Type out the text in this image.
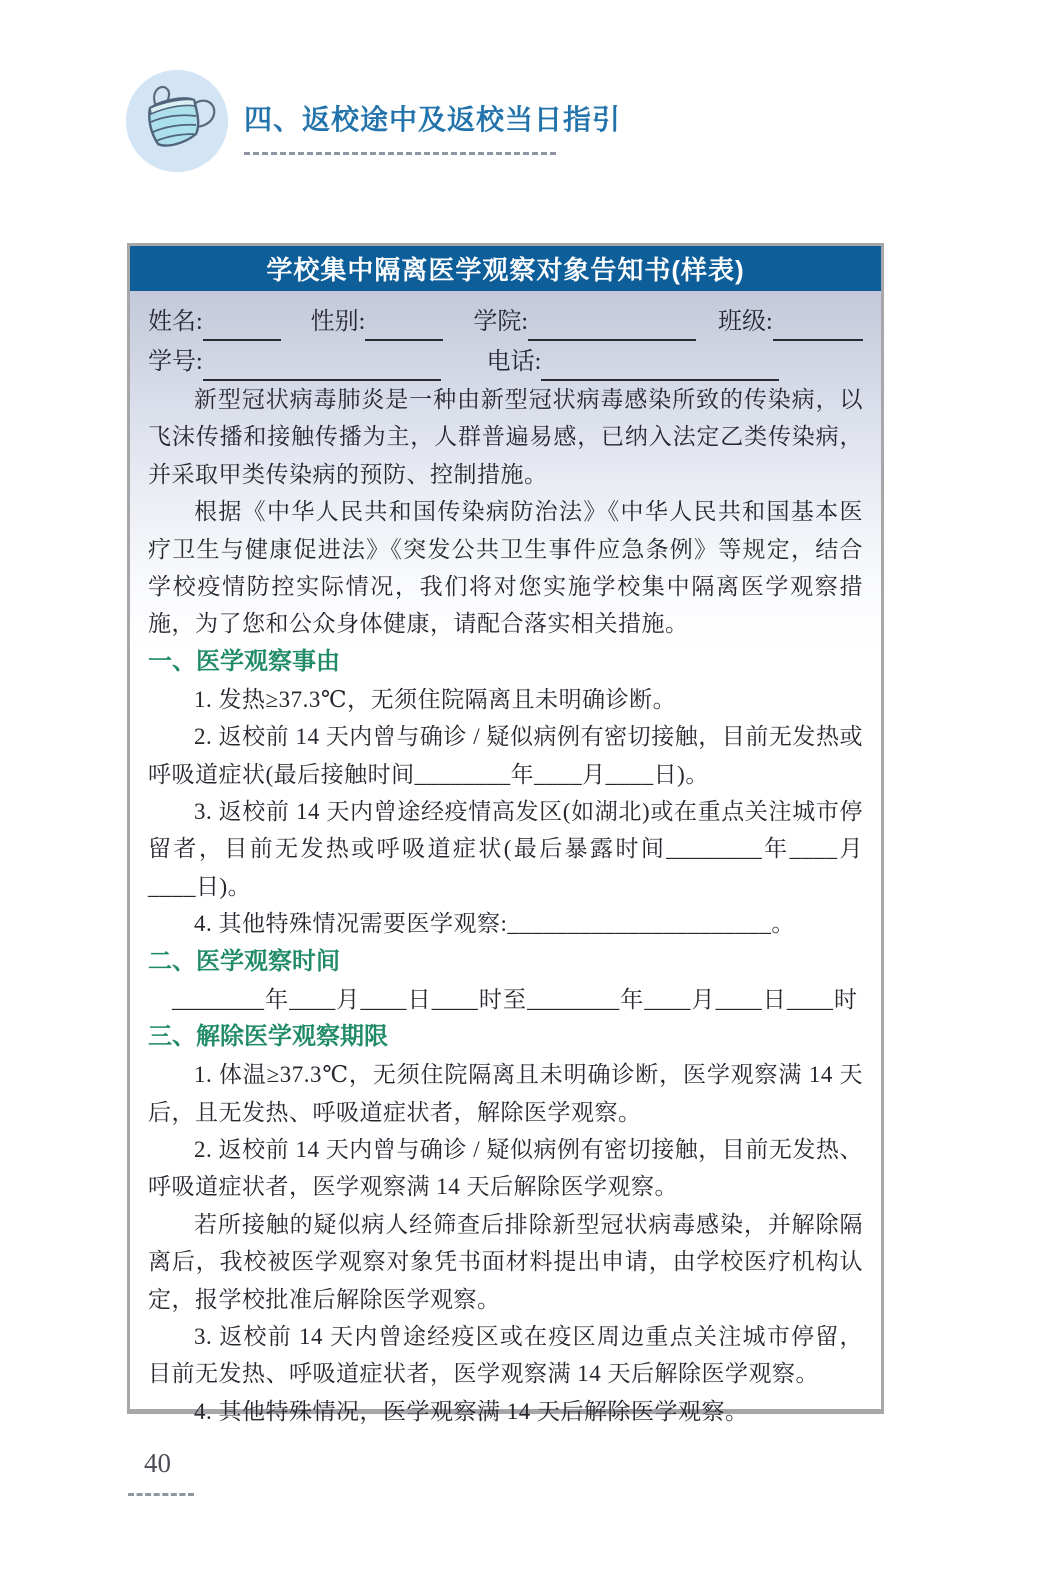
四、返校途中及返校当日指引
学校集中隔离医学观察对象告知书(样表)
姓名:	性别:	学院:	班级:
学号:	电话:
新型冠状病毒肺炎是一种由新型冠状病毒感染所致的传染病，以飞沫传播和接触传播为主，人群普遍易感，已纳入法定乙类传染病，并采取甲类传染病的预防、控制措施。
根据《中华人民共和国传染病防治法》《中华人民共和国基本医疗卫生与健康促进法》《突发公共卫生事件应急条例》等规定，结合学校疫情防控实际情况，我们将对您实施学校集中隔离医学观察措施，为了您和公众身体健康，请配合落实相关措施。
一、医学观察事由
1. 发热≥37.3℃，无须住院隔离且未明确诊断。
2. 返校前 14 天内曾与确诊 / 疑似病例有密切接触，目前无发热或呼吸道症状(最后接触时间________年____月____日)。
3. 返校前 14 天内曾途经疫情高发区(如湖北)或在重点关注城市停留者，目前无发热或呼吸道症状(最后暴露时间________年____月____日)。
4. 其他特殊情况需要医学观察:______________________。
二、医学观察时间
________年____月____日____时至________年____月____日____时
三、解除医学观察期限
1. 体温≥37.3℃，无须住院隔离且未明确诊断，医学观察满 14 天后，且无发热、呼吸道症状者，解除医学观察。
2. 返校前 14 天内曾与确诊 / 疑似病例有密切接触，目前无发热、呼吸道症状者，医学观察满 14 天后解除医学观察。
若所接触的疑似病人经筛查后排除新型冠状病毒感染，并解除隔离后，我校被医学观察对象凭书面材料提出申请，由学校医疗机构认定，报学校批准后解除医学观察。
3. 返校前 14 天内曾途经疫区或在疫区周边重点关注城市停留，目前无发热、呼吸道症状者，医学观察满 14 天后解除医学观察。
4. 其他特殊情况，医学观察满 14 天后解除医学观察。
40
